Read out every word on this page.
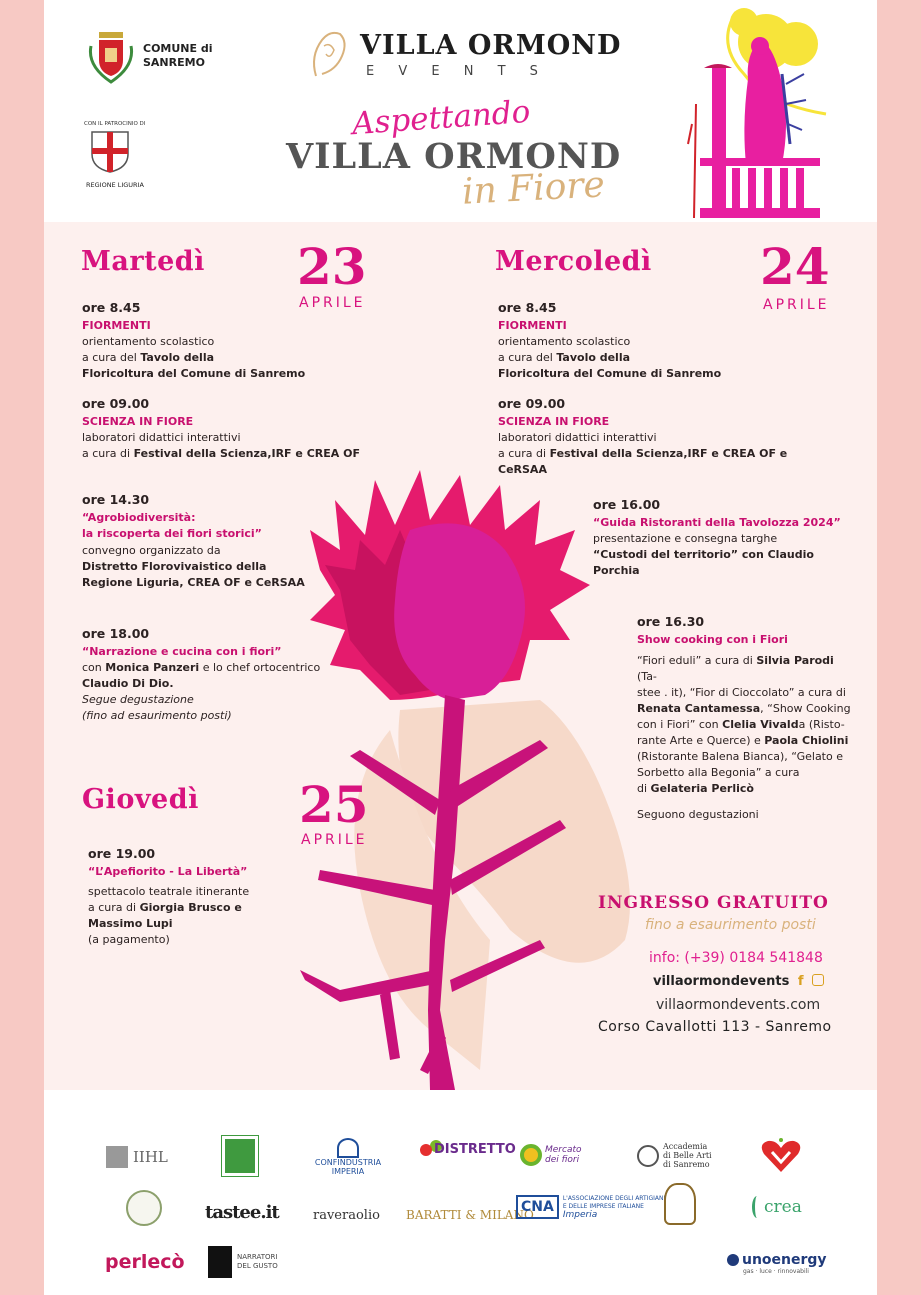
COMUNE di
SANREMO
VILLA ORMOND
E V E N T S
CON IL PATROCINIO DI
REGIONE LIGURIA
Aspettando
VILLA ORMOND
in Fiore
Martedì 23
APRILE
ore 8.45
FIORMENTI
orientamento scolastico
a cura del Tavolo della
Floricoltura del Comune di Sanremo
ore 09.00
SCIENZA IN FIORE
laboratori didattici interattivi
a cura di Festival della Scienza,IRF e CREA OF
ore 14.30
“Agrobiodiversità:
la riscoperta dei fiori storici”
convegno organizzato da
Distretto Florovivaistico della
Regione Liguria, CREA OF e CeRSAA
ore 18.00
“Narrazione e cucina con i fiori”
con Monica Panzeri e lo chef ortocentrico
Claudio Di Dio.
Segue degustazione
(fino ad esaurimento posti)
Mercoledì 24
APRILE
ore 8.45
FIORMENTI
orientamento scolastico
a cura del Tavolo della
Floricoltura del Comune di Sanremo
ore 09.00
SCIENZA IN FIORE
laboratori didattici interattivi
a cura di Festival della Scienza,IRF e CREA OF e CeRSAA
ore 16.00
“Guida Ristoranti della Tavolozza 2024”
presentazione e consegna targhe
“Custodi del territorio” con Claudio Porchia
ore 16.30
Show cooking con i Fiori
“Fiori eduli” a cura di Silvia Parodi (Ta-
stee . it), “Fior di Cioccolato” a cura di
Renata Cantamessa, “Show Cooking
con i Fiori” con Clelia Vivalda (Risto-
rante Arte e Querce) e Paola Chiolini
(Ristorante Balena Bianca), “Gelato e
Sorbetto alla Begonia” a cura
di Gelateria Perlicò
Seguono degustazioni
Giovedì 25
APRILE
ore 19.00
“L’Apefiorito - La Libertà”
spettacolo teatrale itinerante
a cura di Giorgia Brusco e
Massimo Lupi
(a pagamento)
INGRESSO GRATUITO
fino a esaurimento posti
info: (+39) 0184 541848
villaormondevents f
villaormondevents.com
Corso Cavallotti 113 - Sanremo
IIHL	CONFINDUSTRIA
IMPERIA
DISTRETTO	Mercato dei fiori
Accademia
di Belle Arti
di Sanremo
tastee.it	raveraolio BARATTI & MILANO
CNA
L'ASSOCIAZIONE DEGLI ARTIGIANI
E DELLE IMPRESE ITALIANE
Imperia	crea
perlecò	NARRATORI
DEL GUSTO	unoenergy
gas · luce · rinnovabili
